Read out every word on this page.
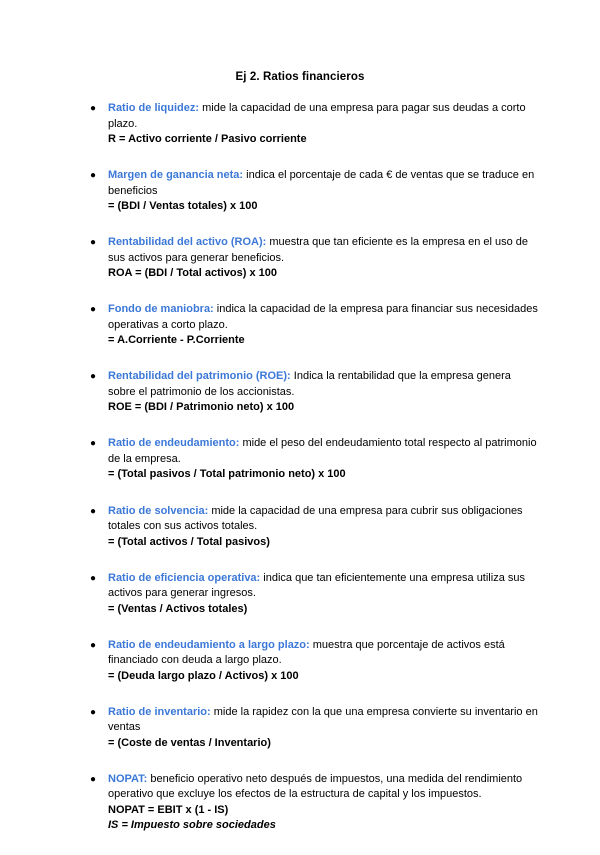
Ej 2. Ratios financieros
● Ratio de liquidez: mide la capacidad de una empresa para pagar sus deudas a corto plazo.
R = Activo corriente / Pasivo corriente
● Margen de ganancia neta: indica el porcentaje de cada € de ventas que se traduce en beneficios
= (BDI / Ventas totales) x 100
● Rentabilidad del activo (ROA): muestra que tan eficiente es la empresa en el uso de sus activos para generar beneficios.
ROA = (BDI / Total activos) x 100
● Fondo de maniobra: indica la capacidad de la empresa para financiar sus necesidades operativas a corto plazo.
= A.Corriente - P.Corriente
● Rentabilidad del patrimonio (ROE): Indica la rentabilidad que la empresa genera sobre el patrimonio de los accionistas.
ROE = (BDI / Patrimonio neto) x 100
● Ratio de endeudamiento: mide el peso del endeudamiento total respecto al patrimonio de la empresa.
= (Total pasivos / Total patrimonio neto) x 100
● Ratio de solvencia: mide la capacidad de una empresa para cubrir sus obligaciones totales con sus activos totales.
= (Total activos / Total pasivos)
● Ratio de eficiencia operativa: indica que tan eficientemente una empresa utiliza sus activos para generar ingresos.
= (Ventas / Activos totales)
● Ratio de endeudamiento a largo plazo: muestra que porcentaje de activos está financiado con deuda a largo plazo.
= (Deuda largo plazo / Activos) x 100
● Ratio de inventario: mide la rapidez con la que una empresa convierte su inventario en ventas
= (Coste de ventas / Inventario)
● NOPAT: beneficio operativo neto después de impuestos, una medida del rendimiento operativo que excluye los efectos de la estructura de capital y los impuestos.
NOPAT = EBIT x (1 - IS)
IS = Impuesto sobre sociedades
